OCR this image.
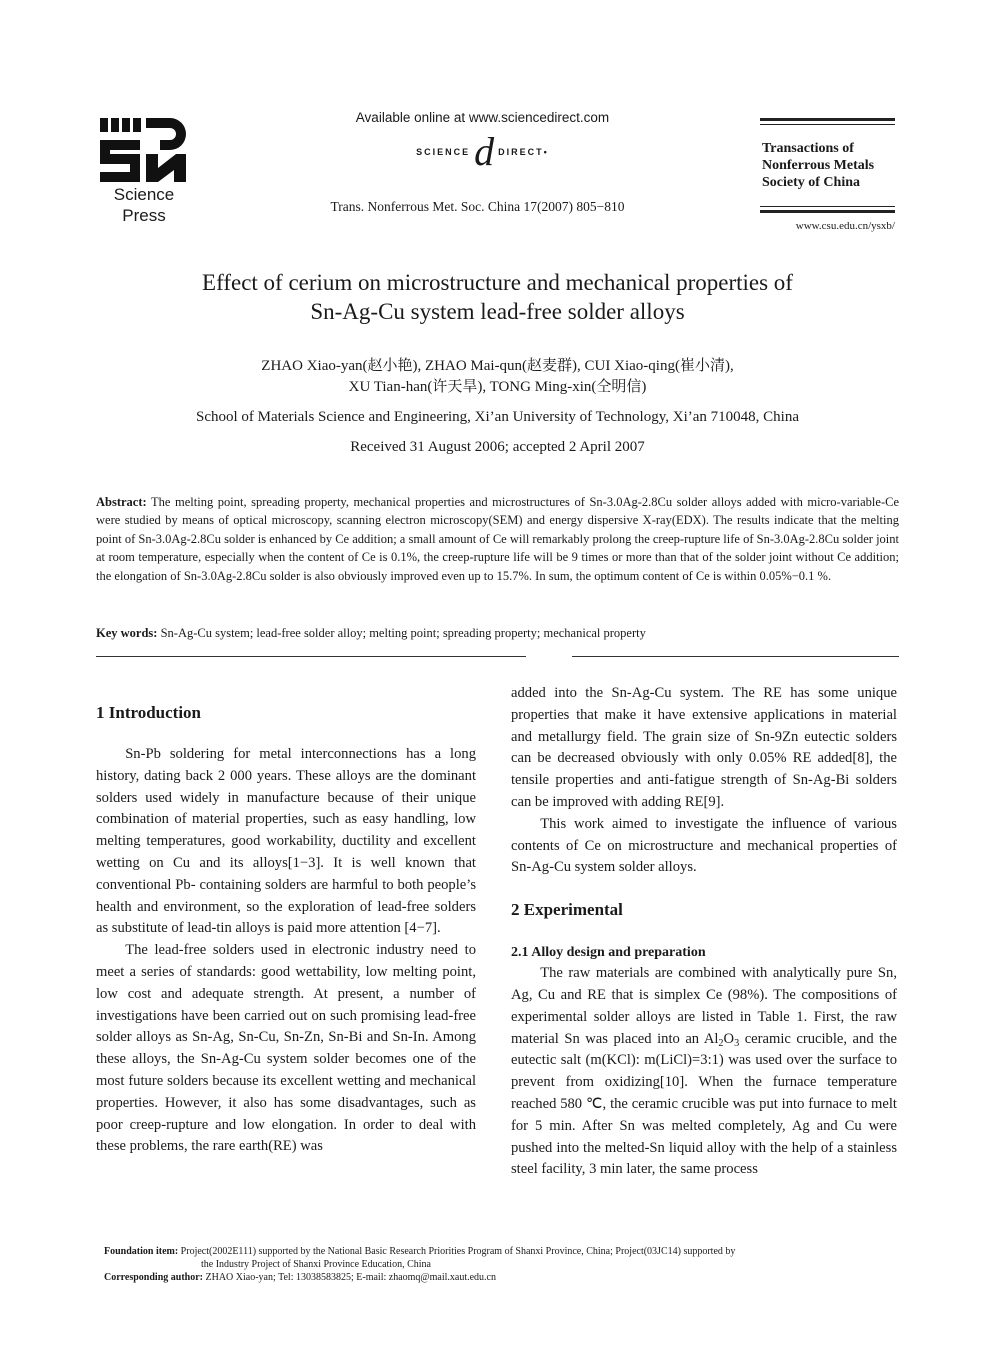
Science Press
Available online at www.sciencedirect.com
SCIENCE d DIRECT•
Trans. Nonferrous Met. Soc. China 17(2007) 805−810
Transactions of
Nonferrous Metals
Society of China
www.csu.edu.cn/ysxb/
Effect of cerium on microstructure and mechanical properties of
Sn-Ag-Cu system lead-free solder alloys
ZHAO Xiao-yan(赵小艳), ZHAO Mai-qun(赵麦群), CUI Xiao-qing(崔小清),
XU Tian-han(许天旱), TONG Ming-xin(仝明信)
School of Materials Science and Engineering, Xi’an University of Technology, Xi’an 710048, China
Received 31 August 2006; accepted 2 April 2007
Abstract: The melting point, spreading property, mechanical properties and microstructures of Sn-3.0Ag-2.8Cu solder alloys added with micro-variable-Ce were studied by means of optical microscopy, scanning electron microscopy(SEM) and energy dispersive X-ray(EDX). The results indicate that the melting point of Sn-3.0Ag-2.8Cu solder is enhanced by Ce addition; a small amount of Ce will remarkably prolong the creep-rupture life of Sn-3.0Ag-2.8Cu solder joint at room temperature, especially when the content of Ce is 0.1%, the creep-rupture life will be 9 times or more than that of the solder joint without Ce addition; the elongation of Sn-3.0Ag-2.8Cu solder is also obviously improved even up to 15.7%. In sum, the optimum content of Ce is within 0.05%−0.1 %.
Key words: Sn-Ag-Cu system; lead-free solder alloy; melting point; spreading property; mechanical property
1 Introduction

Sn-Pb soldering for metal interconnections has a long history, dating back 2 000 years. These alloys are the dominant solders used widely in manufacture because of their unique combination of material properties, such as easy handling, low melting temperatures, good workability, ductility and excellent wetting on Cu and its alloys[1−3]. It is well known that conventional Pb- containing solders are harmful to both people’s health and environment, so the exploration of lead-free solders as substitute of lead-tin alloys is paid more attention [4−7].

The lead-free solders used in electronic industry need to meet a series of standards: good wettability, low melting point, low cost and adequate strength. At present, a number of investigations have been carried out on such promising lead-free solder alloys as Sn-Ag, Sn-Cu, Sn-Zn, Sn-Bi and Sn-In. Among these alloys, the Sn-Ag-Cu system solder becomes one of the most future solders because its excellent wetting and mechanical properties. However, it also has some disadvantages, such as poor creep-rupture and low elongation. In order to deal with these problems, the rare earth(RE) was

added into the Sn-Ag-Cu system. The RE has some unique properties that make it have extensive applications in material and metallurgy field. The grain size of Sn-9Zn eutectic solders can be decreased obviously with only 0.05% RE added[8], the tensile properties and anti-fatigue strength of Sn-Ag-Bi solders can be improved with adding RE[9].

This work aimed to investigate the influence of various contents of Ce on microstructure and mechanical properties of Sn-Ag-Cu system solder alloys.

2 Experimental
2.1 Alloy design and preparation

The raw materials are combined with analytically pure Sn, Ag, Cu and RE that is simplex Ce (98%). The compositions of experimental solder alloys are listed in Table 1. First, the raw material Sn was placed into an $Al_2O_3$ ceramic crucible, and the eutectic salt (m(KCl): m(LiCl)=3:1) was used over the surface to prevent from oxidizing[10]. When the furnace temperature reached 580 ℃, the ceramic crucible was put into furnace to melt for 5 min. After Sn was melted completely, Ag and Cu were pushed into the melted-Sn liquid alloy with the help of a stainless steel facility, 3 min later, the same process

Foundation item: Project(2002E111) supported by the National Basic Research Priorities Program of Shanxi Province, China; Project(03JC14) supported by
the Industry Project of Shanxi Province Education, China
Corresponding author: ZHAO Xiao-yan; Tel: 13038583825; E-mail: zhaomq@mail.xaut.edu.cn
